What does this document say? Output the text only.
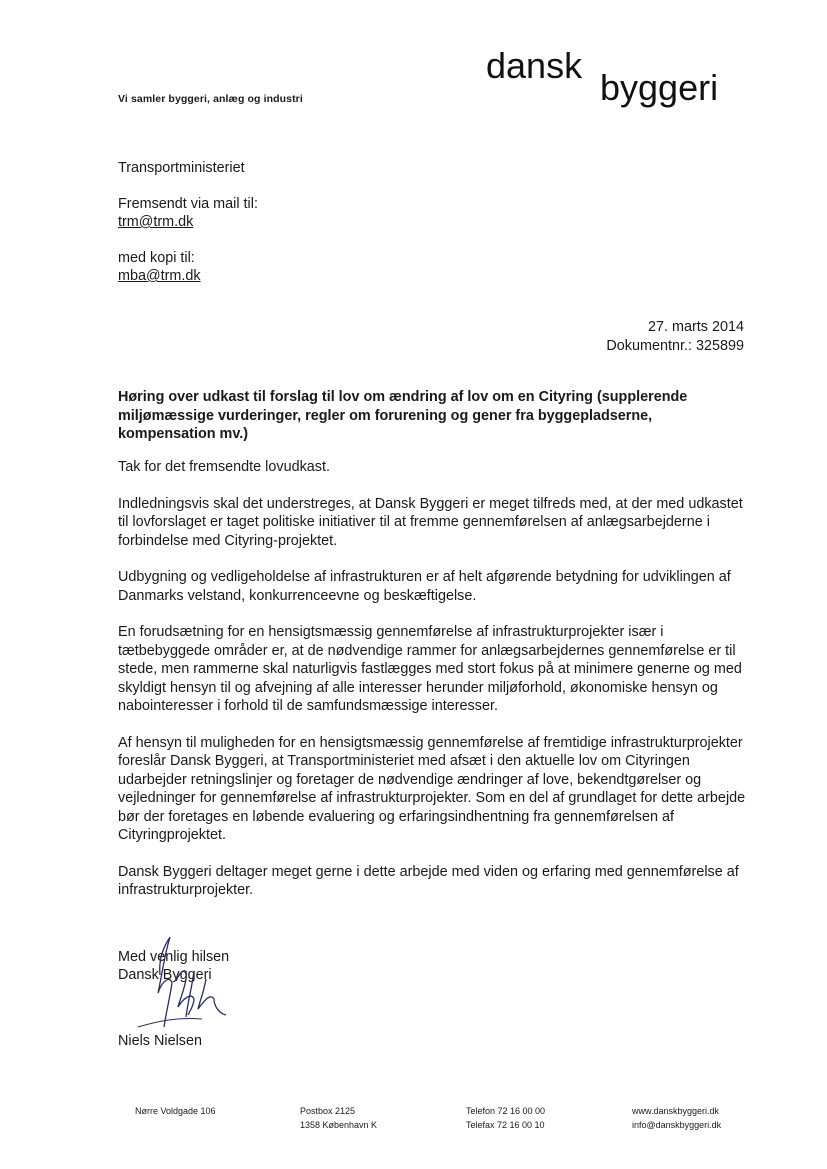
Vi samler byggeri, anlæg og industri
dansk
byggeri
Transportministeriet
Fremsendt via mail til:
trm@trm.dk
med kopi til:
mba@trm.dk
27. marts 2014
Dokumentnr.: 325899
Høring over udkast til forslag til lov om ændring af lov om en Cityring (supplerende miljømæssige vurderinger, regler om forurening og gener fra byggepladserne, kompensation mv.)

Tak for det fremsendte lovudkast.

Indledningsvis skal det understreges, at Dansk Byggeri er meget tilfreds med, at der med udkastet til lovforslaget er taget politiske initiativer til at fremme gennemførelsen af anlægsarbejderne i forbindelse med Cityring-projektet.

Udbygning og vedligeholdelse af infrastrukturen er af helt afgørende betydning for udviklingen af Danmarks velstand, konkurrenceevne og beskæftigelse.

En forudsætning for en hensigtsmæssig gennemførelse af infrastrukturprojekter især i tætbebyggede områder er, at de nødvendige rammer for anlægsarbejdernes gennemførelse er til stede, men rammerne skal naturligvis fastlægges med stort fokus på at minimere generne og med skyldigt hensyn til og afvejning af alle interesser herunder miljøforhold, økonomiske hensyn og nabointeresser i forhold til de samfundsmæssige interesser.

Af hensyn til muligheden for en hensigtsmæssig gennemførelse af fremtidige infrastrukturprojekter foreslår Dansk Byggeri, at Transportministeriet med afsæt i den aktuelle lov om Cityringen udarbejder retningslinjer og foretager de nødvendige ændringer af love, bekendtgørelser og vejledninger for gennemførelse af infrastrukturprojekter. Som en del af grundlaget for dette arbejde bør der foretages en løbende evaluering og erfaringsindhentning fra gennemførelsen af Cityringprojektet.

Dansk Byggeri deltager meget gerne i dette arbejde med viden og erfaring med gennemførelse af infrastrukturprojekter.

Med venlig hilsen
Dansk Byggeri
Niels Nielsen
Nørre Voldgade 106	Postbox 2125
1358 København K
Telefon 72 16 00 00
Telefax 72 16 00 10
www.danskbyggeri.dk
info@danskbyggeri.dk
